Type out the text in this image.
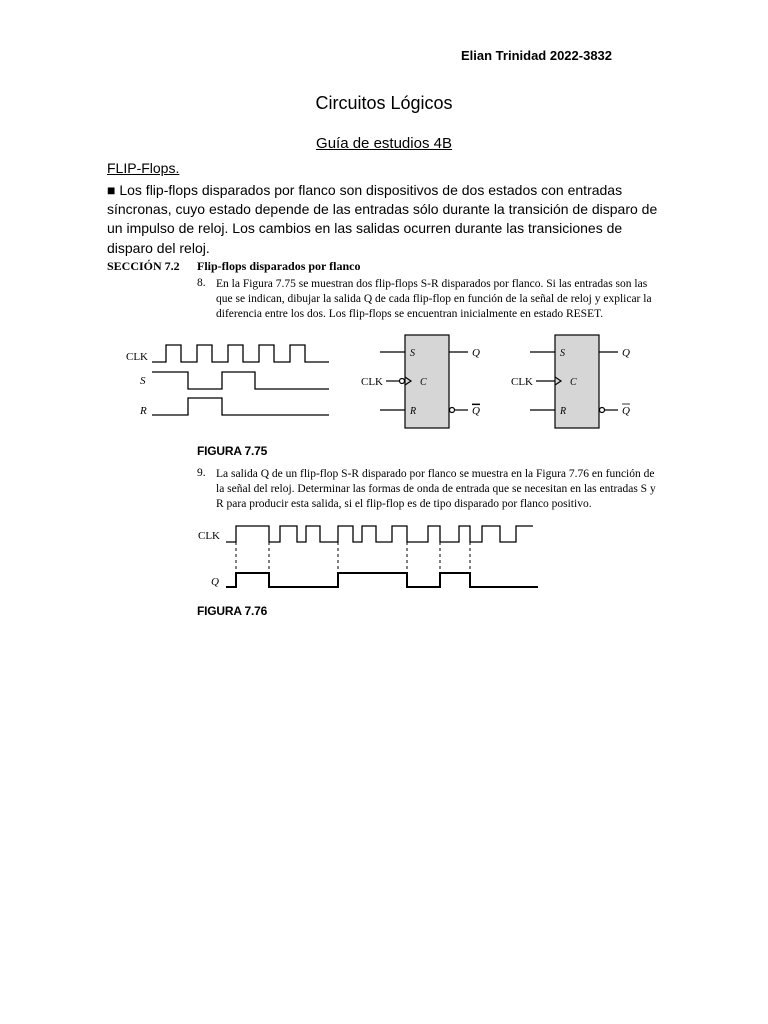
Elian Trinidad 2022-3832
Circuitos Lógicos
Guía de estudios 4B
FLIP-Flops.
■ Los flip-flops disparados por flanco son dispositivos de dos estados con entradas síncronas, cuyo estado depende de las entradas sólo durante la transición de disparo de un impulso de reloj. Los cambios en las salidas ocurren durante las transiciones de disparo del reloj.
SECCIÓN 7.2 Flip-flops disparados por flanco
8. En la Figura 7.75 se muestran dos flip-flops S-R disparados por flanco. Si las entradas son las que se indican, dibujar la salida Q de cada flip-flop en función de la señal de reloj y explicar la diferencia entre los dos. Los flip-flops se encuentran inicialmente en estado RESET.
CLK
S
R
S
C
R
Q
Q
CLK
S
C
R
Q
Q
CLK
CLK
Q
FIGURA 7.75
9. La salida Q de un flip-flop S-R disparado por flanco se muestra en la Figura 7.76 en función de la señal del reloj. Determinar las formas de onda de entrada que se necesitan en las entradas S y R para producir esta salida, si el flip-flop es de tipo disparado por flanco positivo.
FIGURA 7.76
